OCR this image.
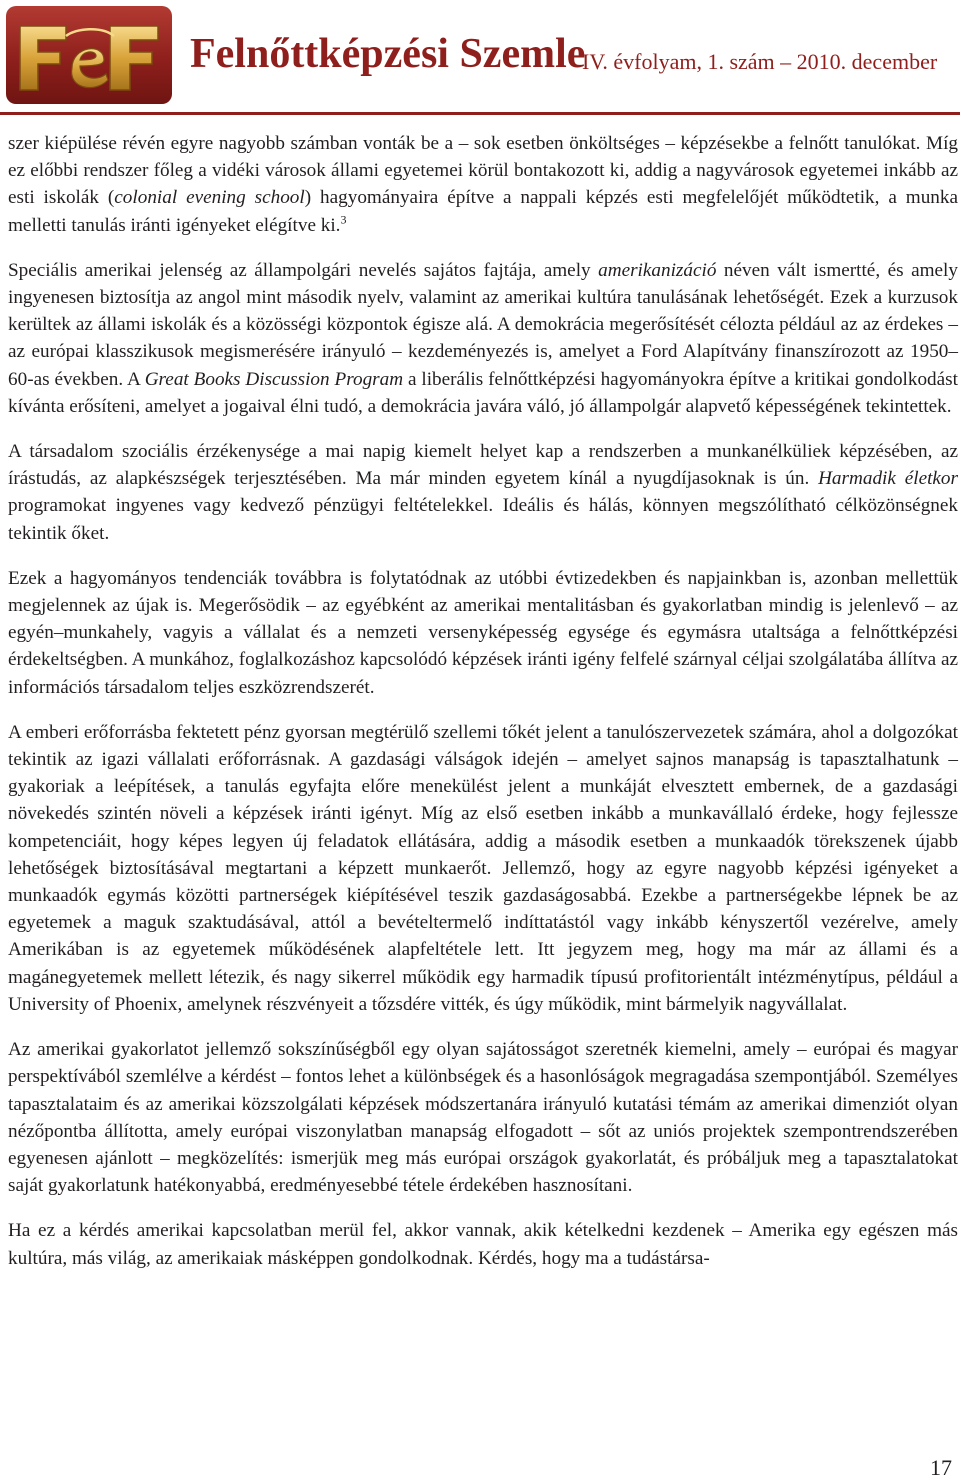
Felnőttképzési Szemle
IV. évfolyam, 1. szám – 2010. december

szer kiépülése révén egyre nagyobb számban vonták be a – sok esetben önköltséges – képzésekbe a felnőtt tanulókat. Míg ez előbbi rendszer főleg a vidéki városok állami egyetemei körül bontakozott ki, addig a nagyvárosok egyetemei inkább az esti iskolák (colonial evening school) hagyományaira építve a nappali képzés esti megfelelőjét működtetik, a munka melletti tanulás iránti igényeket elégítve ki.$^3$

Speciális amerikai jelenség az állampolgári nevelés sajátos fajtája, amely amerikanizáció néven vált ismertté, és amely ingyenesen biztosítja az angol mint második nyelv, valamint az amerikai kultúra tanulásának lehetőségét. Ezek a kurzusok kerültek az állami iskolák és a közösségi központok égisze alá. A demokrácia megerősítését célozta például az az érdekes – az európai klasszikusok megismerésére irányuló – kezdeményezés is, amelyet a Ford Alapítvány finanszírozott az 1950–60-as években. A Great Books Discussion Program a liberális felnőttképzési hagyományokra építve a kritikai gondolkodást kívánta erősíteni, amelyet a jogaival élni tudó, a demokrácia javára váló, jó állampolgár alapvető képességének tekintettek.

A társadalom szociális érzékenysége a mai napig kiemelt helyet kap a rendszerben a munkanélküliek képzésében, az írástudás, az alapkészségek terjesztésében. Ma már minden egyetem kínál a nyugdíjasoknak is ún. Harmadik életkor programokat ingyenes vagy kedvező pénzügyi feltételekkel. Ideális és hálás, könnyen megszólítható célközönségnek tekintik őket.

Ezek a hagyományos tendenciák továbbra is folytatódnak az utóbbi évtizedekben és napjainkban is, azonban mellettük megjelennek az újak is. Megerősödik – az egyébként az amerikai mentalitásban és gyakorlatban mindig is jelenlevő – az egyén–munkahely, vagyis a vállalat és a nemzeti versenyképesség egysége és egymásra utaltsága a felnőttképzési érdekeltségben. A munkához, foglalkozáshoz kapcsolódó képzések iránti igény felfelé szárnyal céljai szolgálatába állítva az információs társadalom teljes eszközrendszerét.

A emberi erőforrásba fektetett pénz gyorsan megtérülő szellemi tőkét jelent a tanulószervezetek számára, ahol a dolgozókat tekintik az igazi vállalati erőforrásnak. A gazdasági válságok idején – amelyet sajnos manapság is tapasztalhatunk – gyakoriak a leépítések, a tanulás egyfajta előre menekülést jelent a munkáját elvesztett embernek, de a gazdasági növekedés szintén növeli a képzések iránti igényt. Míg az első esetben inkább a munkavállaló érdeke, hogy fejlessze kompetenciáit, hogy képes legyen új feladatok ellátására, addig a második esetben a munkaadók törekszenek újabb lehetőségek biztosításával megtartani a képzett munkaerőt. Jellemző, hogy az egyre nagyobb képzési igényeket a munkaadók egymás közötti partnerségek kiépítésével teszik gazdaságosabbá. Ezekbe a partnerségekbe lépnek be az egyetemek a maguk szaktudásával, attól a bevételtermelő indíttatástól vagy inkább kényszertől vezérelve, amely Amerikában is az egyetemek működésének alapfeltétele lett. Itt jegyzem meg, hogy ma már az állami és a magánegyetemek mellett létezik, és nagy sikerrel működik egy harmadik típusú profitorientált intézménytípus, például a University of Phoenix, amelynek részvényeit a tőzsdére vitték, és úgy működik, mint bármelyik nagyvállalat.

Az amerikai gyakorlatot jellemző sokszínűségből egy olyan sajátosságot szeretnék kiemelni, amely – európai és magyar perspektívából szemlélve a kérdést – fontos lehet a különbségek és a hasonlóságok megragadása szempontjából. Személyes tapasztalataim és az amerikai közszolgálati képzések módszertanára irányuló kutatási témám az amerikai dimenziót olyan nézőpontba állította, amely európai viszonylatban manapság elfogadott – sőt az uniós projektek szempontrendszerében egyenesen ajánlott – megközelítés: ismerjük meg más európai országok gyakorlatát, és próbáljuk meg a tapasztalatokat saját gyakorlatunk hatékonyabbá, eredményesebbé tétele érdekében hasznosítani.

Ha ez a kérdés amerikai kapcsolatban merül fel, akkor vannak, akik kételkedni kezdenek – Amerika egy egészen más kultúra, más világ, az amerikaiak másképpen gondolkodnak. Kérdés, hogy ma a tudástársa-

17
